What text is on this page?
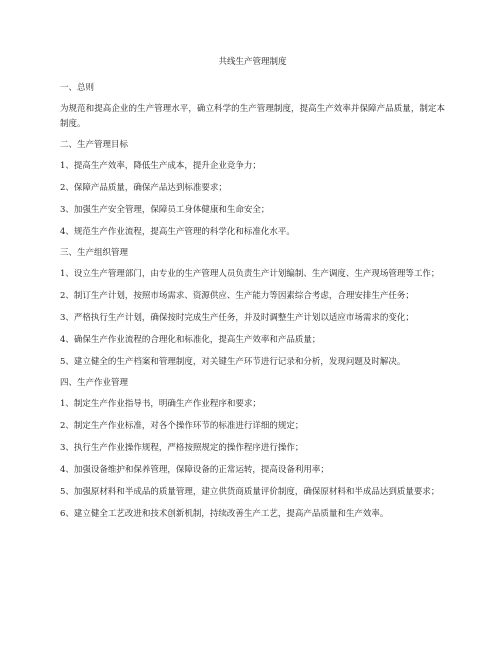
共线生产管理制度
一、总则
为规范和提高企业的生产管理水平，确立科学的生产管理制度，提高生产效率并保障产品质量，制定本制度。
二、生产管理目标
1、提高生产效率，降低生产成本，提升企业竞争力；
2、保障产品质量，确保产品达到标准要求；
3、加强生产安全管理，保障员工身体健康和生命安全；
4、规范生产作业流程，提高生产管理的科学化和标准化水平。
三、生产组织管理
1、设立生产管理部门，由专业的生产管理人员负责生产计划编制、生产调度、生产现场管理等工作；
2、制订生产计划，按照市场需求、资源供应、生产能力等因素综合考虑，合理安排生产任务；
3、严格执行生产计划，确保按时完成生产任务，并及时调整生产计划以适应市场需求的变化；
4、确保生产作业流程的合理化和标准化，提高生产效率和产品质量；
5、建立健全的生产档案和管理制度，对关键生产环节进行记录和分析，发现问题及时解决。
四、生产作业管理
1、制定生产作业指导书，明确生产作业程序和要求；
2、制定生产作业标准，对各个操作环节的标准进行详细的规定；
3、执行生产作业操作规程，严格按照规定的操作程序进行操作；
4、加强设备维护和保养管理，保障设备的正常运转，提高设备利用率；
5、加强原材料和半成品的质量管理，建立供货商质量评价制度，确保原材料和半成品达到质量要求；
6、建立健全工艺改进和技术创新机制，持续改善生产工艺，提高产品质量和生产效率。
